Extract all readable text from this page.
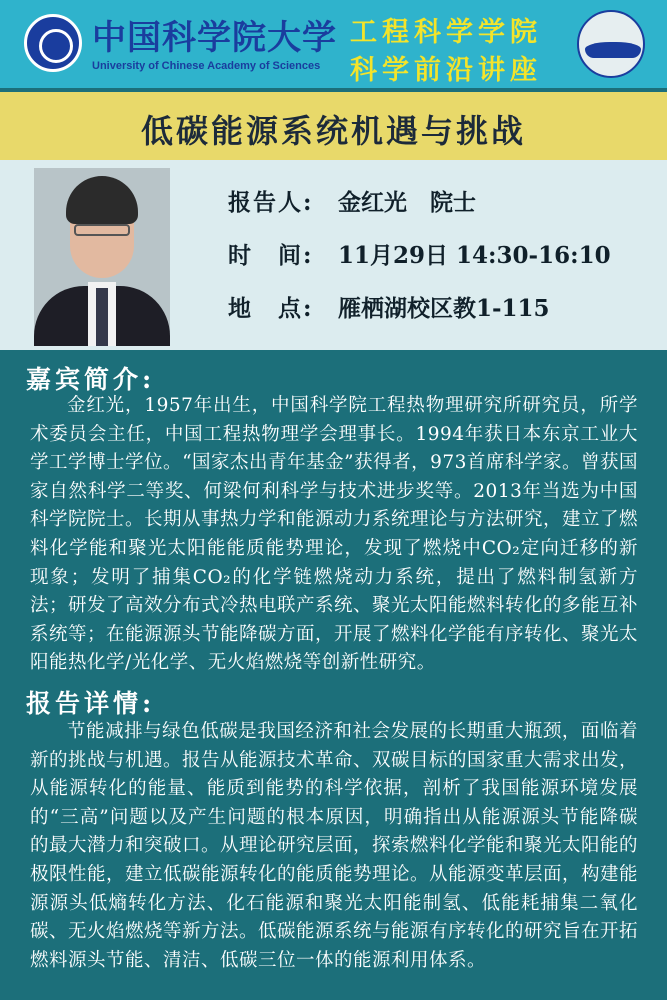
中国科学院大学
University of Chinese Academy of Sciences
工程科学学院
科学前沿讲座
低碳能源系统机遇与挑战
报告人: 金红光　院士
时　间: 11月29日 14:30-16:10
地　点: 雁栖湖校区教1-115
嘉宾简介:
金红光，1957年出生，中国科学院工程热物理研究所研究员，所学术委员会主任，中国工程热物理学会理事长。1994年获日本东京工业大学工学博士学位。“国家杰出青年基金”获得者，973首席科学家。曾获国家自然科学二等奖、何梁何利科学与技术进步奖等。2013年当选为中国科学院院士。长期从事热力学和能源动力系统理论与方法研究，建立了燃料化学能和聚光太阳能能质能势理论，发现了燃烧中CO₂定向迁移的新现象；发明了捕集CO₂的化学链燃烧动力系统，提出了燃料制氢新方法；研发了高效分布式冷热电联产系统、聚光太阳能燃料转化的多能互补系统等；在能源源头节能降碳方面，开展了燃料化学能有序转化、聚光太阳能热化学/光化学、无火焰燃烧等创新性研究。
报告详情:
节能减排与绿色低碳是我国经济和社会发展的长期重大瓶颈，面临着新的挑战与机遇。报告从能源技术革命、双碳目标的国家重大需求出发，从能源转化的能量、能质到能势的科学依据，剖析了我国能源环境发展的“三高”问题以及产生问题的根本原因，明确指出从能源源头节能降碳的最大潜力和突破口。从理论研究层面，探索燃料化学能和聚光太阳能的极限性能，建立低碳能源转化的能质能势理论。从能源变革层面，构建能源源头低熵转化方法、化石能源和聚光太阳能制氢、低能耗捕集二氧化碳、无火焰燃烧等新方法。低碳能源系统与能源有序转化的研究旨在开拓燃料源头节能、清洁、低碳三位一体的能源利用体系。
